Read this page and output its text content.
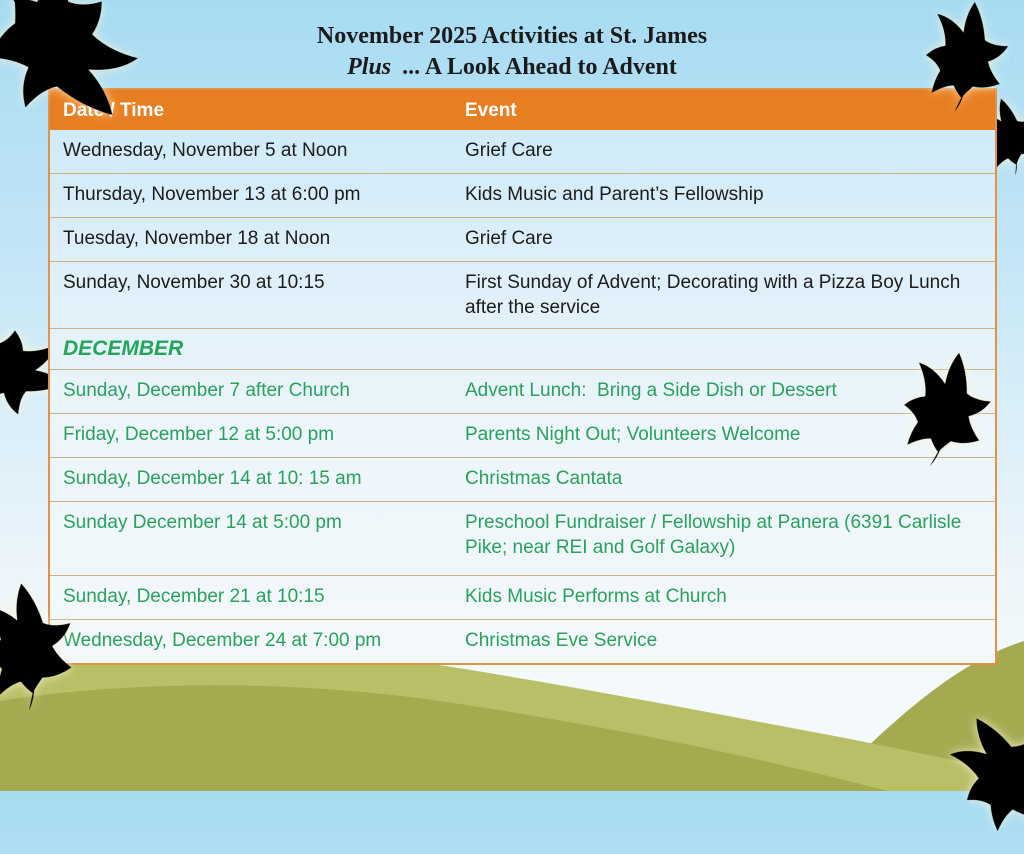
November 2025 Activities at St. James
Plus ... A Look Ahead to Advent
Date / Time	Event
Wednesday, November 5 at Noon	Grief Care
Thursday, November 13 at 6:00 pm	Kids Music and Parent’s Fellowship
Tuesday, November 18 at Noon	Grief Care
Sunday, November 30 at 10:15	First Sunday of Advent; Decorating with a Pizza Boy Lunch after the service
DECEMBER
Sunday, December 7 after Church	Advent Lunch:  Bring a Side Dish or Dessert
Friday, December 12 at 5:00 pm	Parents Night Out; Volunteers Welcome
Sunday, December 14 at 10: 15 am	Christmas Cantata
Sunday December 14 at 5:00 pm	Preschool Fundraiser / Fellowship at Panera (6391 Carlisle Pike; near REI and Golf Galaxy)
Sunday, December 21 at 10:15	Kids Music Performs at Church
Wednesday, December 24 at 7:00 pm	Christmas Eve Service
